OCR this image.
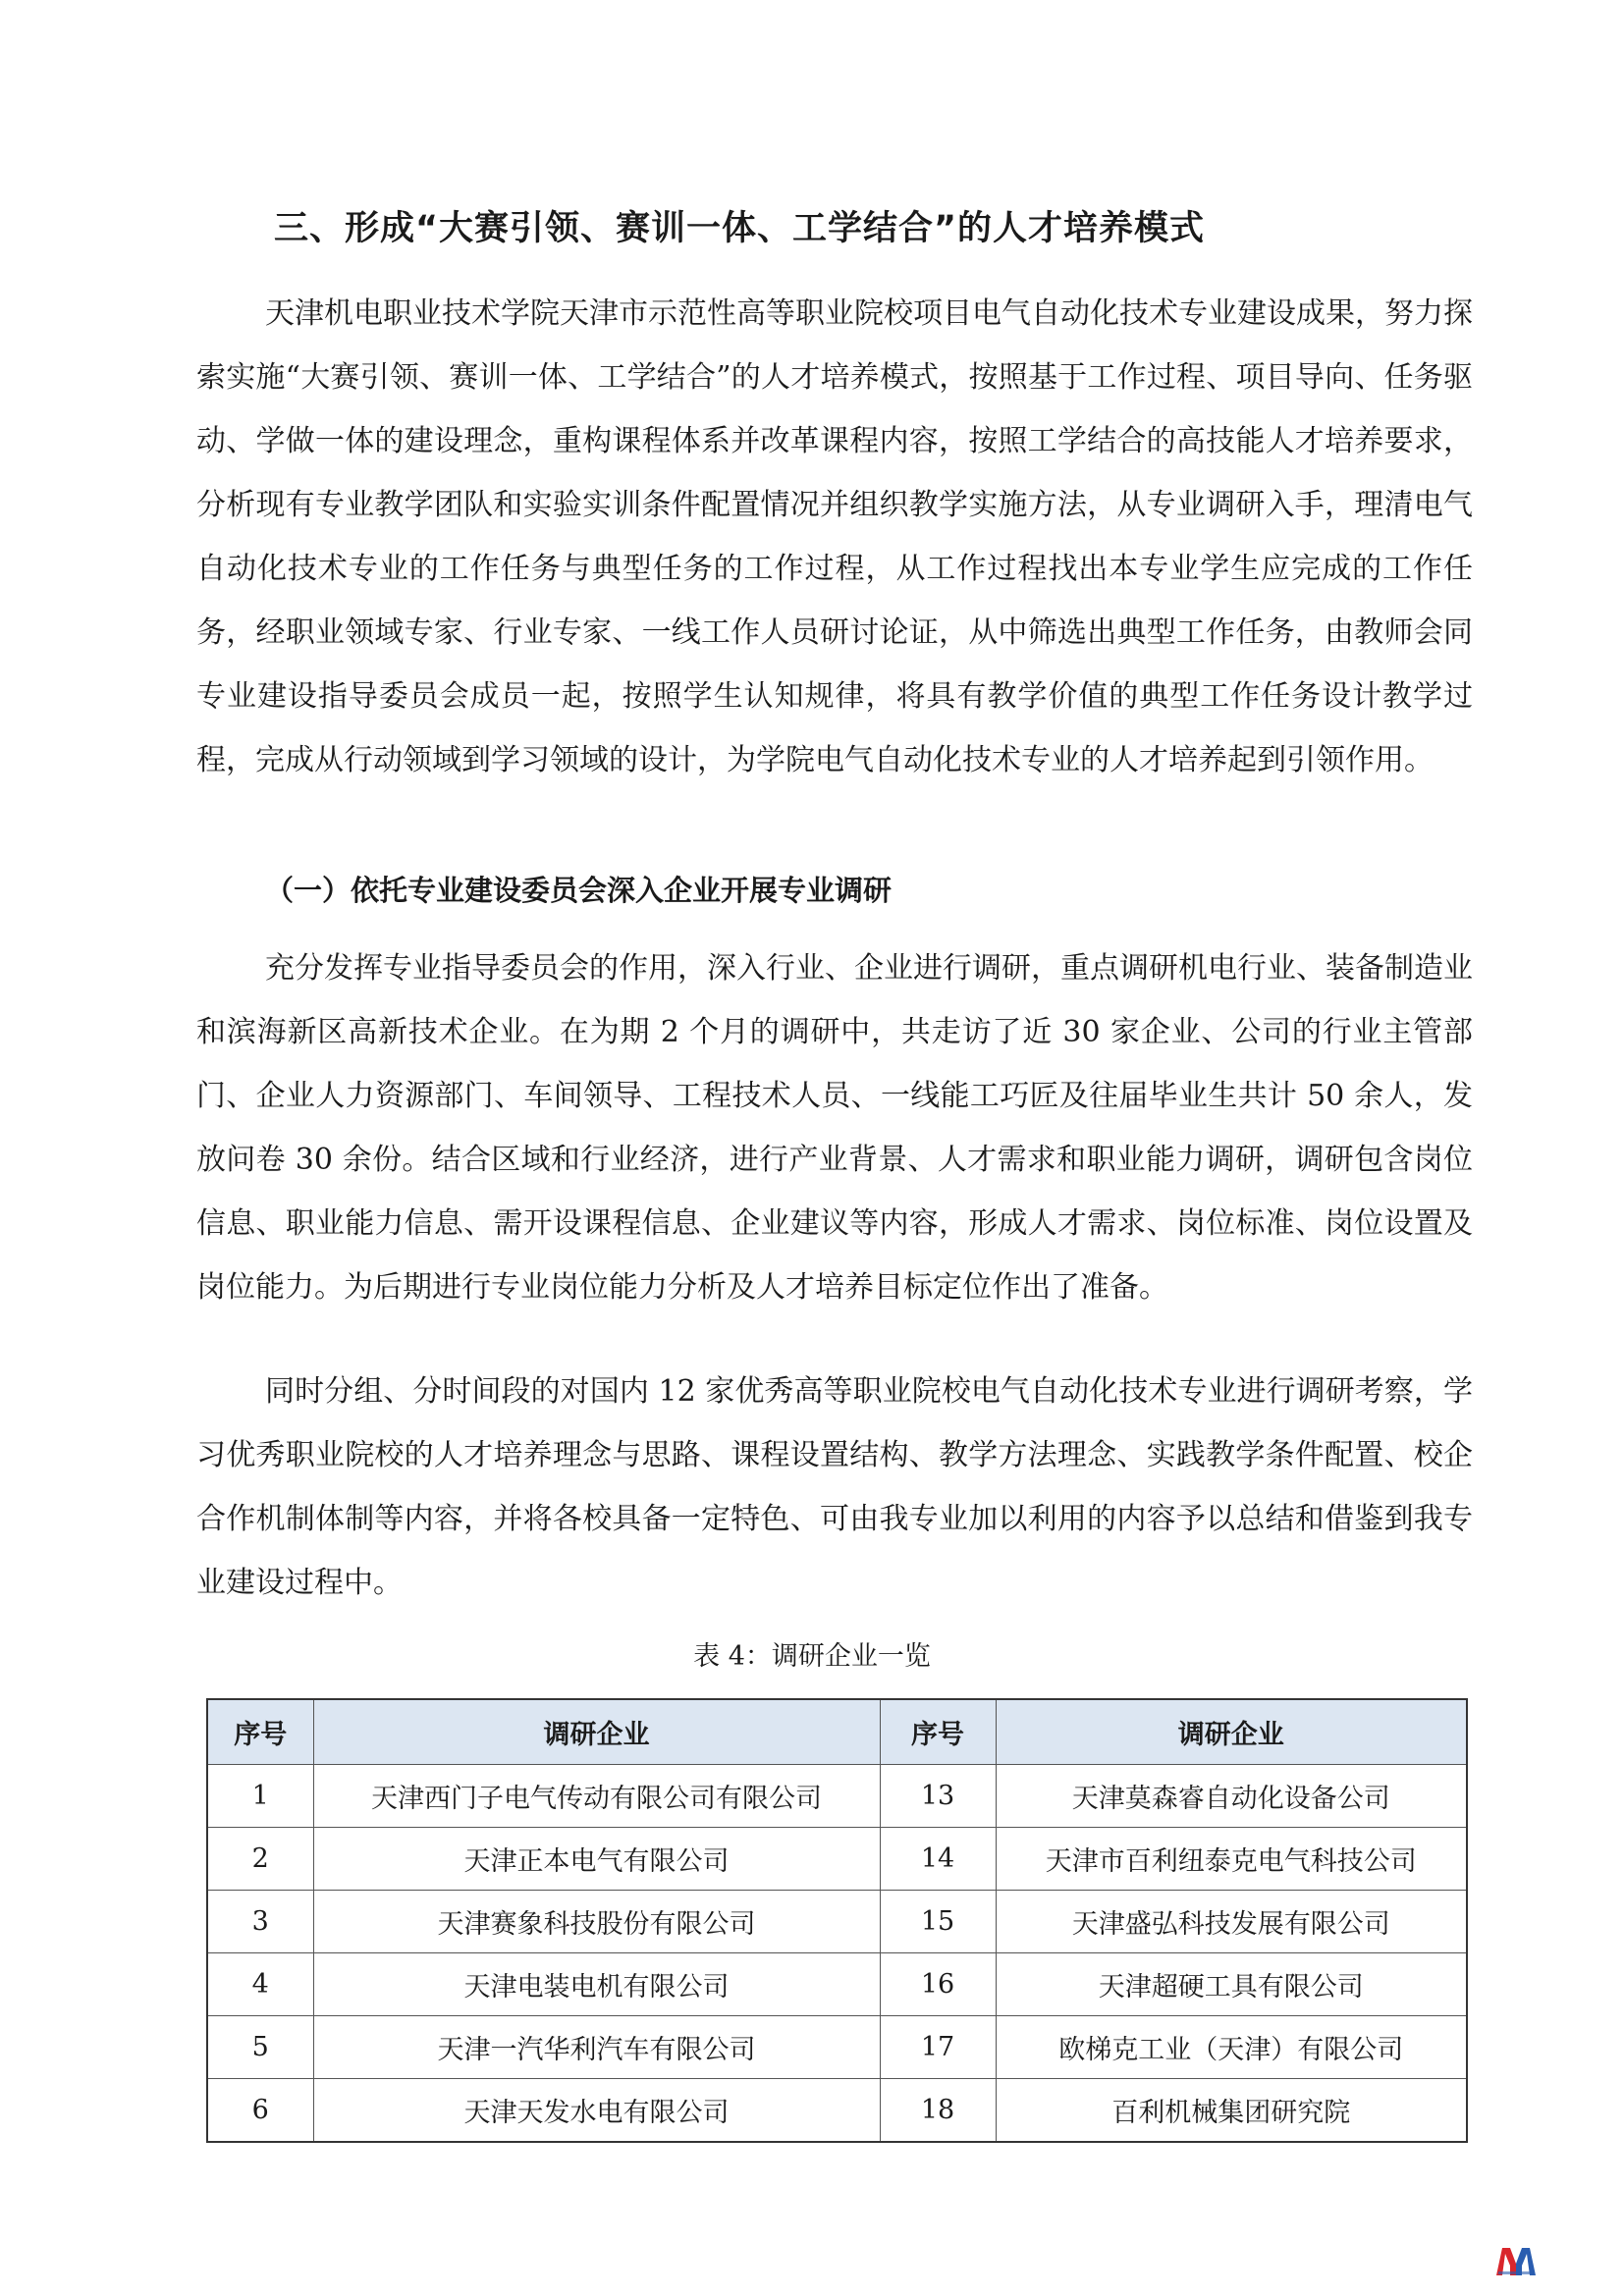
三、形成“大赛引领、赛训一体、工学结合”的人才培养模式

天津机电职业技术学院天津市示范性高等职业院校项目电气自动化技术专业建设成果，努力探索实施“大赛引领、赛训一体、工学结合”的人才培养模式，按照基于工作过程、项目导向、任务驱动、学做一体的建设理念，重构课程体系并改革课程内容，按照工学结合的高技能人才培养要求，分析现有专业教学团队和实验实训条件配置情况并组织教学实施方法，从专业调研入手，理清电气自动化技术专业的工作任务与典型任务的工作过程，从工作过程找出本专业学生应完成的工作任务，经职业领域专家、行业专家、一线工作人员研讨论证，从中筛选出典型工作任务，由教师会同专业建设指导委员会成员一起，按照学生认知规律，将具有教学价值的典型工作任务设计教学过程，完成从行动领域到学习领域的设计，为学院电气自动化技术专业的人才培养起到引领作用。

（一）依托专业建设委员会深入企业开展专业调研

充分发挥专业指导委员会的作用，深入行业、企业进行调研，重点调研机电行业、装备制造业和滨海新区高新技术企业。在为期 2 个月的调研中，共走访了近 30 家企业、公司的行业主管部门、企业人力资源部门、车间领导、工程技术人员、一线能工巧匠及往届毕业生共计 50 余人，发放问卷 30 余份。结合区域和行业经济，进行产业背景、人才需求和职业能力调研，调研包含岗位信息、职业能力信息、需开设课程信息、企业建议等内容，形成人才需求、岗位标准、岗位设置及岗位能力。为后期进行专业岗位能力分析及人才培养目标定位作出了准备。

同时分组、分时间段的对国内 12 家优秀高等职业院校电气自动化技术专业进行调研考察，学习优秀职业院校的人才培养理念与思路、课程设置结构、教学方法理念、实践教学条件配置、校企合作机制体制等内容，并将各校具备一定特色、可由我专业加以利用的内容予以总结和借鉴到我专业建设过程中。

表 4：调研企业一览

序号	调研企业	序号	调研企业
1	天津西门子电气传动有限公司有限公司	13	天津莫森睿自动化设备公司
2	天津正本电气有限公司	14	天津市百利纽泰克电气科技公司
3	天津赛象科技股份有限公司	15	天津盛弘科技发展有限公司
4	天津电装电机有限公司	16	天津超硬工具有限公司
5	天津一汽华利汽车有限公司	17	欧梯克工业（天津）有限公司
6	天津天发水电有限公司	18	百利机械集团研究院
